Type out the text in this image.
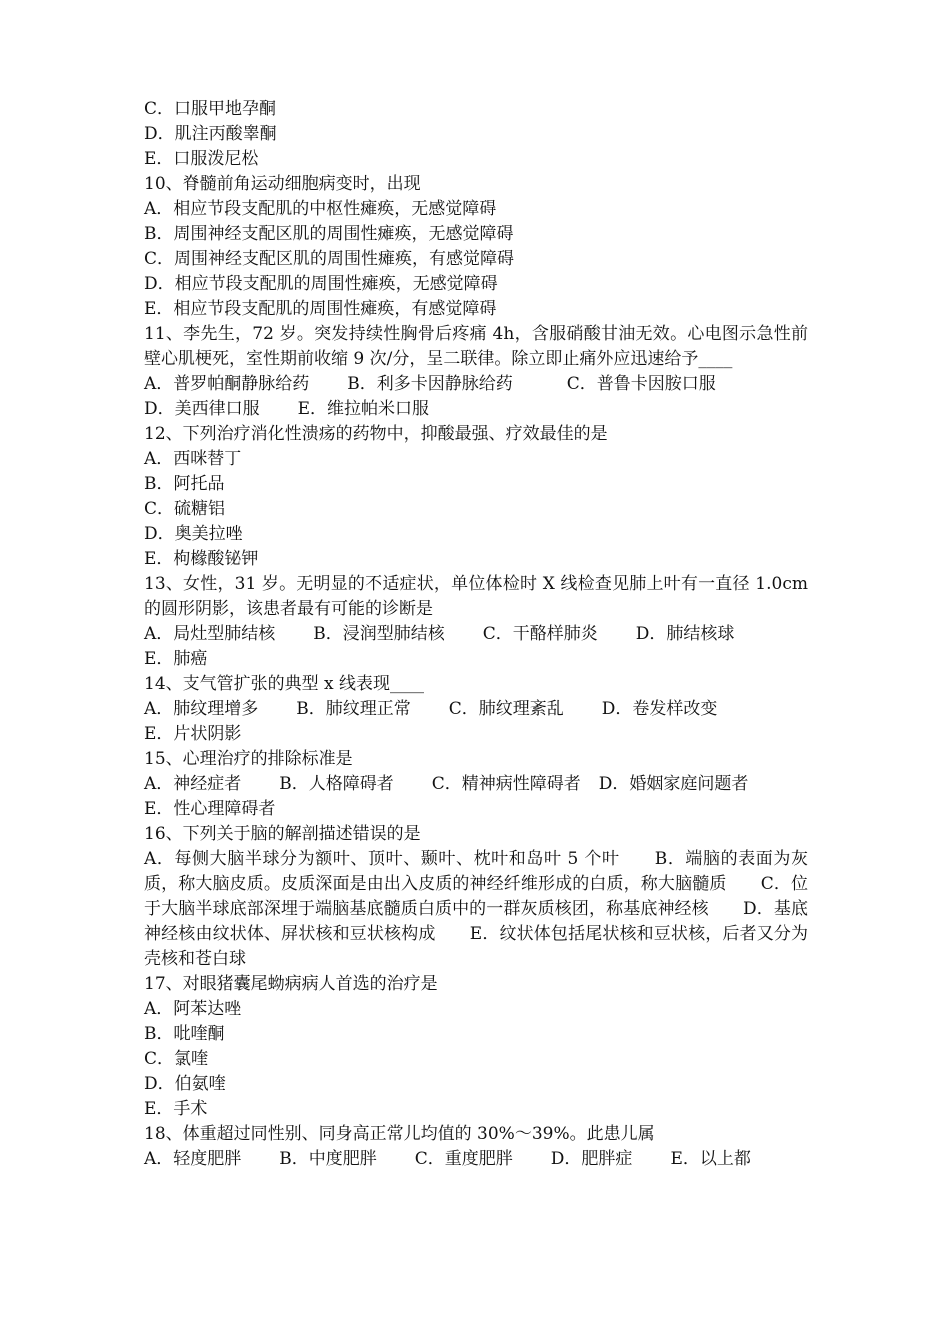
C．口服甲地孕酮
D．肌注丙酸睾酮
E．口服泼尼松
10、脊髓前角运动细胞病变时，出现
A．相应节段支配肌的中枢性瘫痪，无感觉障碍
B．周围神经支配区肌的周围性瘫痪，无感觉障碍
C．周围神经支配区肌的周围性瘫痪，有感觉障碍
D．相应节段支配肌的周围性瘫痪，无感觉障碍
E．相应节段支配肌的周围性瘫痪，有感觉障碍
11、李先生，72 岁。突发持续性胸骨后疼痛 4h，含服硝酸甘油无效。心电图示急性前壁心肌梗死，室性期前收缩 9 次/分，呈二联律。除立即止痛外应迅速给予____
A．普罗帕酮静脉给药 B．利多卡因静脉给药	C．普鲁卡因胺口服
D．美西律口服 E．维拉帕米口服
12、下列治疗消化性溃疡的药物中，抑酸最强、疗效最佳的是
A．西咪替丁
B．阿托品
C．硫糖铝
D．奥美拉唑
E．枸橼酸铋钾
13、女性，31 岁。无明显的不适症状，单位体检时 X 线检查见肺上叶有一直径 1.0cm 的圆形阴影，该患者最有可能的诊断是
A．局灶型肺结核 B．浸润型肺结核 C．干酪样肺炎 D．肺结核球
E．肺癌
14、支气管扩张的典型 x 线表现____
A．肺纹理增多 B．肺纹理正常 C．肺纹理紊乱 D．卷发样改变
E．片状阴影
15、心理治疗的排除标准是
A．神经症者 B．人格障碍者 C．精神病性障碍者 D．婚姻家庭问题者
E．性心理障碍者
16、下列关于脑的解剖描述错误的是
A．每侧大脑半球分为额叶、顶叶、颞叶、枕叶和岛叶 5 个叶　　B．端脑的表面为灰质，称大脑皮质。皮质深面是由出入皮质的神经纤维形成的白质，称大脑髓质　　C．位于大脑半球底部深埋于端脑基底髓质白质中的一群灰质核团，称基底神经核　　D．基底神经核由纹状体、屏状核和豆状核构成　　E．纹状体包括尾状核和豆状核，后者又分为壳核和苍白球
17、对眼猪囊尾蚴病病人首选的治疗是
A．阿苯达唑
B．吡喹酮
C．氯喹
D．伯氨喹
E．手术
18、体重超过同性别、同身高正常儿均值的 30%～39%。此患儿属
A．轻度肥胖 B．中度肥胖 C．重度肥胖 D．肥胖症 E．以上都
